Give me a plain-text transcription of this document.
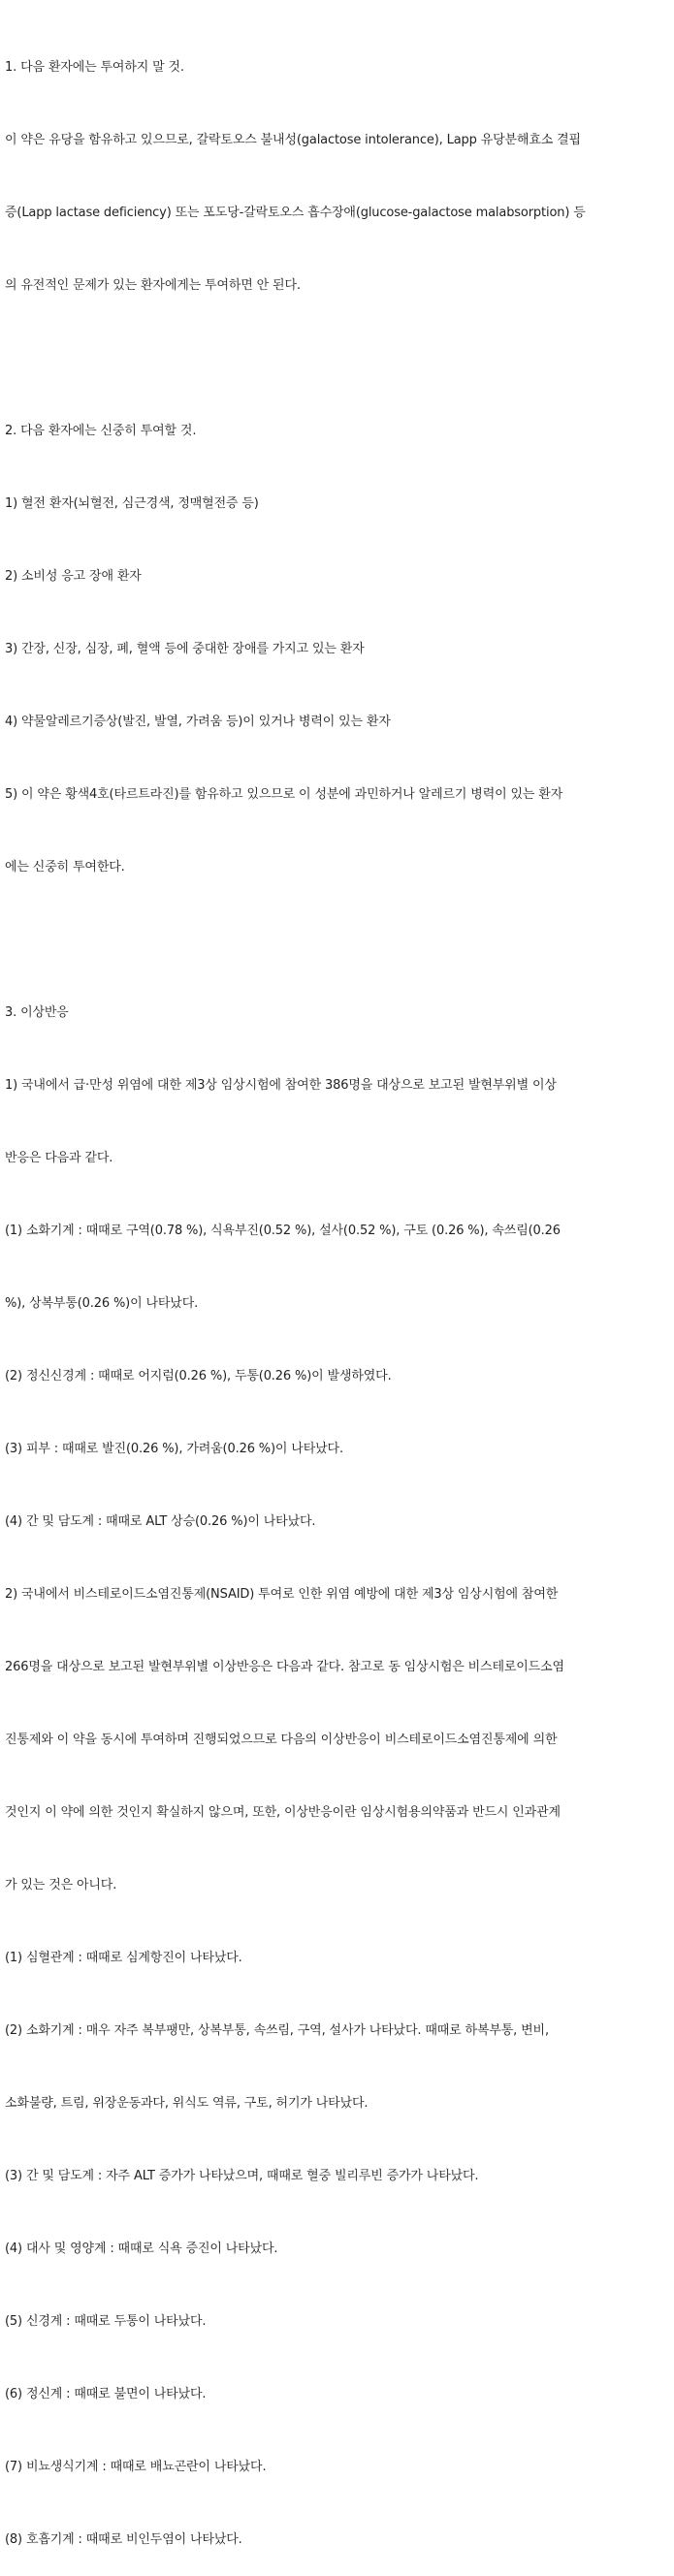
1. 다음 환자에는 투여하지 말 것.

이 약은 유당을 함유하고 있으므로, 갈락토오스 불내성(galactose intolerance), Lapp 유당분해효소 결핍

증(Lapp lactase deficiency) 또는 포도당-갈락토오스 흡수장애(glucose-galactose malabsorption) 등

의 유전적인 문제가 있는 환자에게는 투여하면 안 된다.

2. 다음 환자에는 신중히 투여할 것.

1) 혈전 환자(뇌혈전, 심근경색, 정맥혈전증 등)

2) 소비성 응고 장애 환자

3) 간장, 신장, 심장, 폐, 혈액 등에 중대한 장애를 가지고 있는 환자

4) 약물알레르기증상(발진, 발열, 가려움 등)이 있거나 병력이 있는 환자

5) 이 약은 황색4호(타르트라진)를 함유하고 있으므로 이 성분에 과민하거나 알레르기 병력이 있는 환자

에는 신중히 투여한다.

3. 이상반응

1) 국내에서 급·만성 위염에 대한 제3상 임상시험에 참여한 386명을 대상으로 보고된 발현부위별 이상

반응은 다음과 같다.

(1) 소화기계 : 때때로 구역(0.78 %), 식욕부진(0.52 %), 설사(0.52 %), 구토 (0.26 %), 속쓰림(0.26

%), 상복부통(0.26 %)이 나타났다.

(2) 정신신경계 : 때때로 어지럼(0.26 %), 두통(0.26 %)이 발생하였다.

(3) 피부 : 때때로 발진(0.26 %), 가려움(0.26 %)이 나타났다.

(4) 간 및 담도계 : 때때로 ALT 상승(0.26 %)이 나타났다.

2) 국내에서 비스테로이드소염진통제(NSAID) 투여로 인한 위염 예방에 대한 제3상 임상시험에 참여한

266명을 대상으로 보고된 발현부위별 이상반응은 다음과 같다. 참고로 동 임상시험은 비스테로이드소염

진통제와 이 약을 동시에 투여하며 진행되었으므로 다음의 이상반응이 비스테로이드소염진통제에 의한

것인지 이 약에 의한 것인지 확실하지 않으며, 또한, 이상반응이란 임상시험용의약품과 반드시 인과관계

가 있는 것은 아니다.

(1) 심혈관계 : 때때로 심계항진이 나타났다.

(2) 소화기계 : 매우 자주 복부팽만, 상복부통, 속쓰림, 구역, 설사가 나타났다. 때때로 하복부통, 변비,

소화불량, 트림, 위장운동과다, 위식도 역류, 구토, 허기가 나타났다.

(3) 간 및 담도계 : 자주 ALT 증가가 나타났으며, 때때로 혈중 빌리루빈 증가가 나타났다.

(4) 대사 및 영양계 : 때때로 식욕 증진이 나타났다.

(5) 신경계 : 때때로 두통이 나타났다.

(6) 정신계 : 때때로 불면이 나타났다.

(7) 비뇨생식기계 : 때때로 배뇨곤란이 나타났다.

(8) 호흡기계 : 때때로 비인두염이 나타났다.
